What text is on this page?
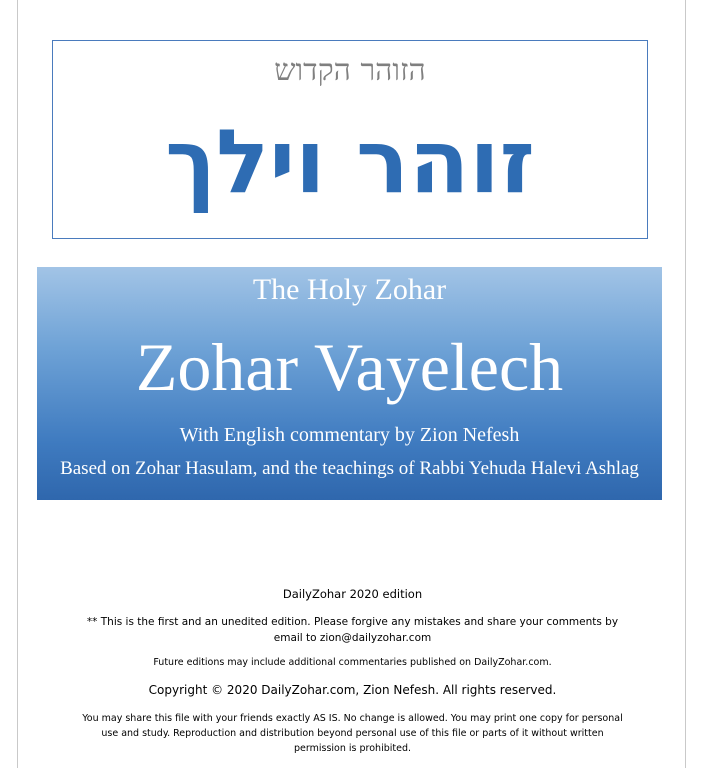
הזוהר הקדוש
זוהר וילך
The Holy Zohar
Zohar Vayelech
With English commentary by Zion Nefesh
Based on Zohar Hasulam, and the teachings of Rabbi Yehuda Halevi Ashlag
DailyZohar 2020 edition
** This is the first and an unedited edition. Please forgive any mistakes and share your comments by email to zion@dailyzohar.com
Future editions may include additional commentaries published on DailyZohar.com.
Copyright © 2020 DailyZohar.com, Zion Nefesh. All rights reserved.
You may share this file with your friends exactly AS IS. No change is allowed. You may print one copy for personal use and study. Reproduction and distribution beyond personal use of this file or parts of it without written permission is prohibited.
